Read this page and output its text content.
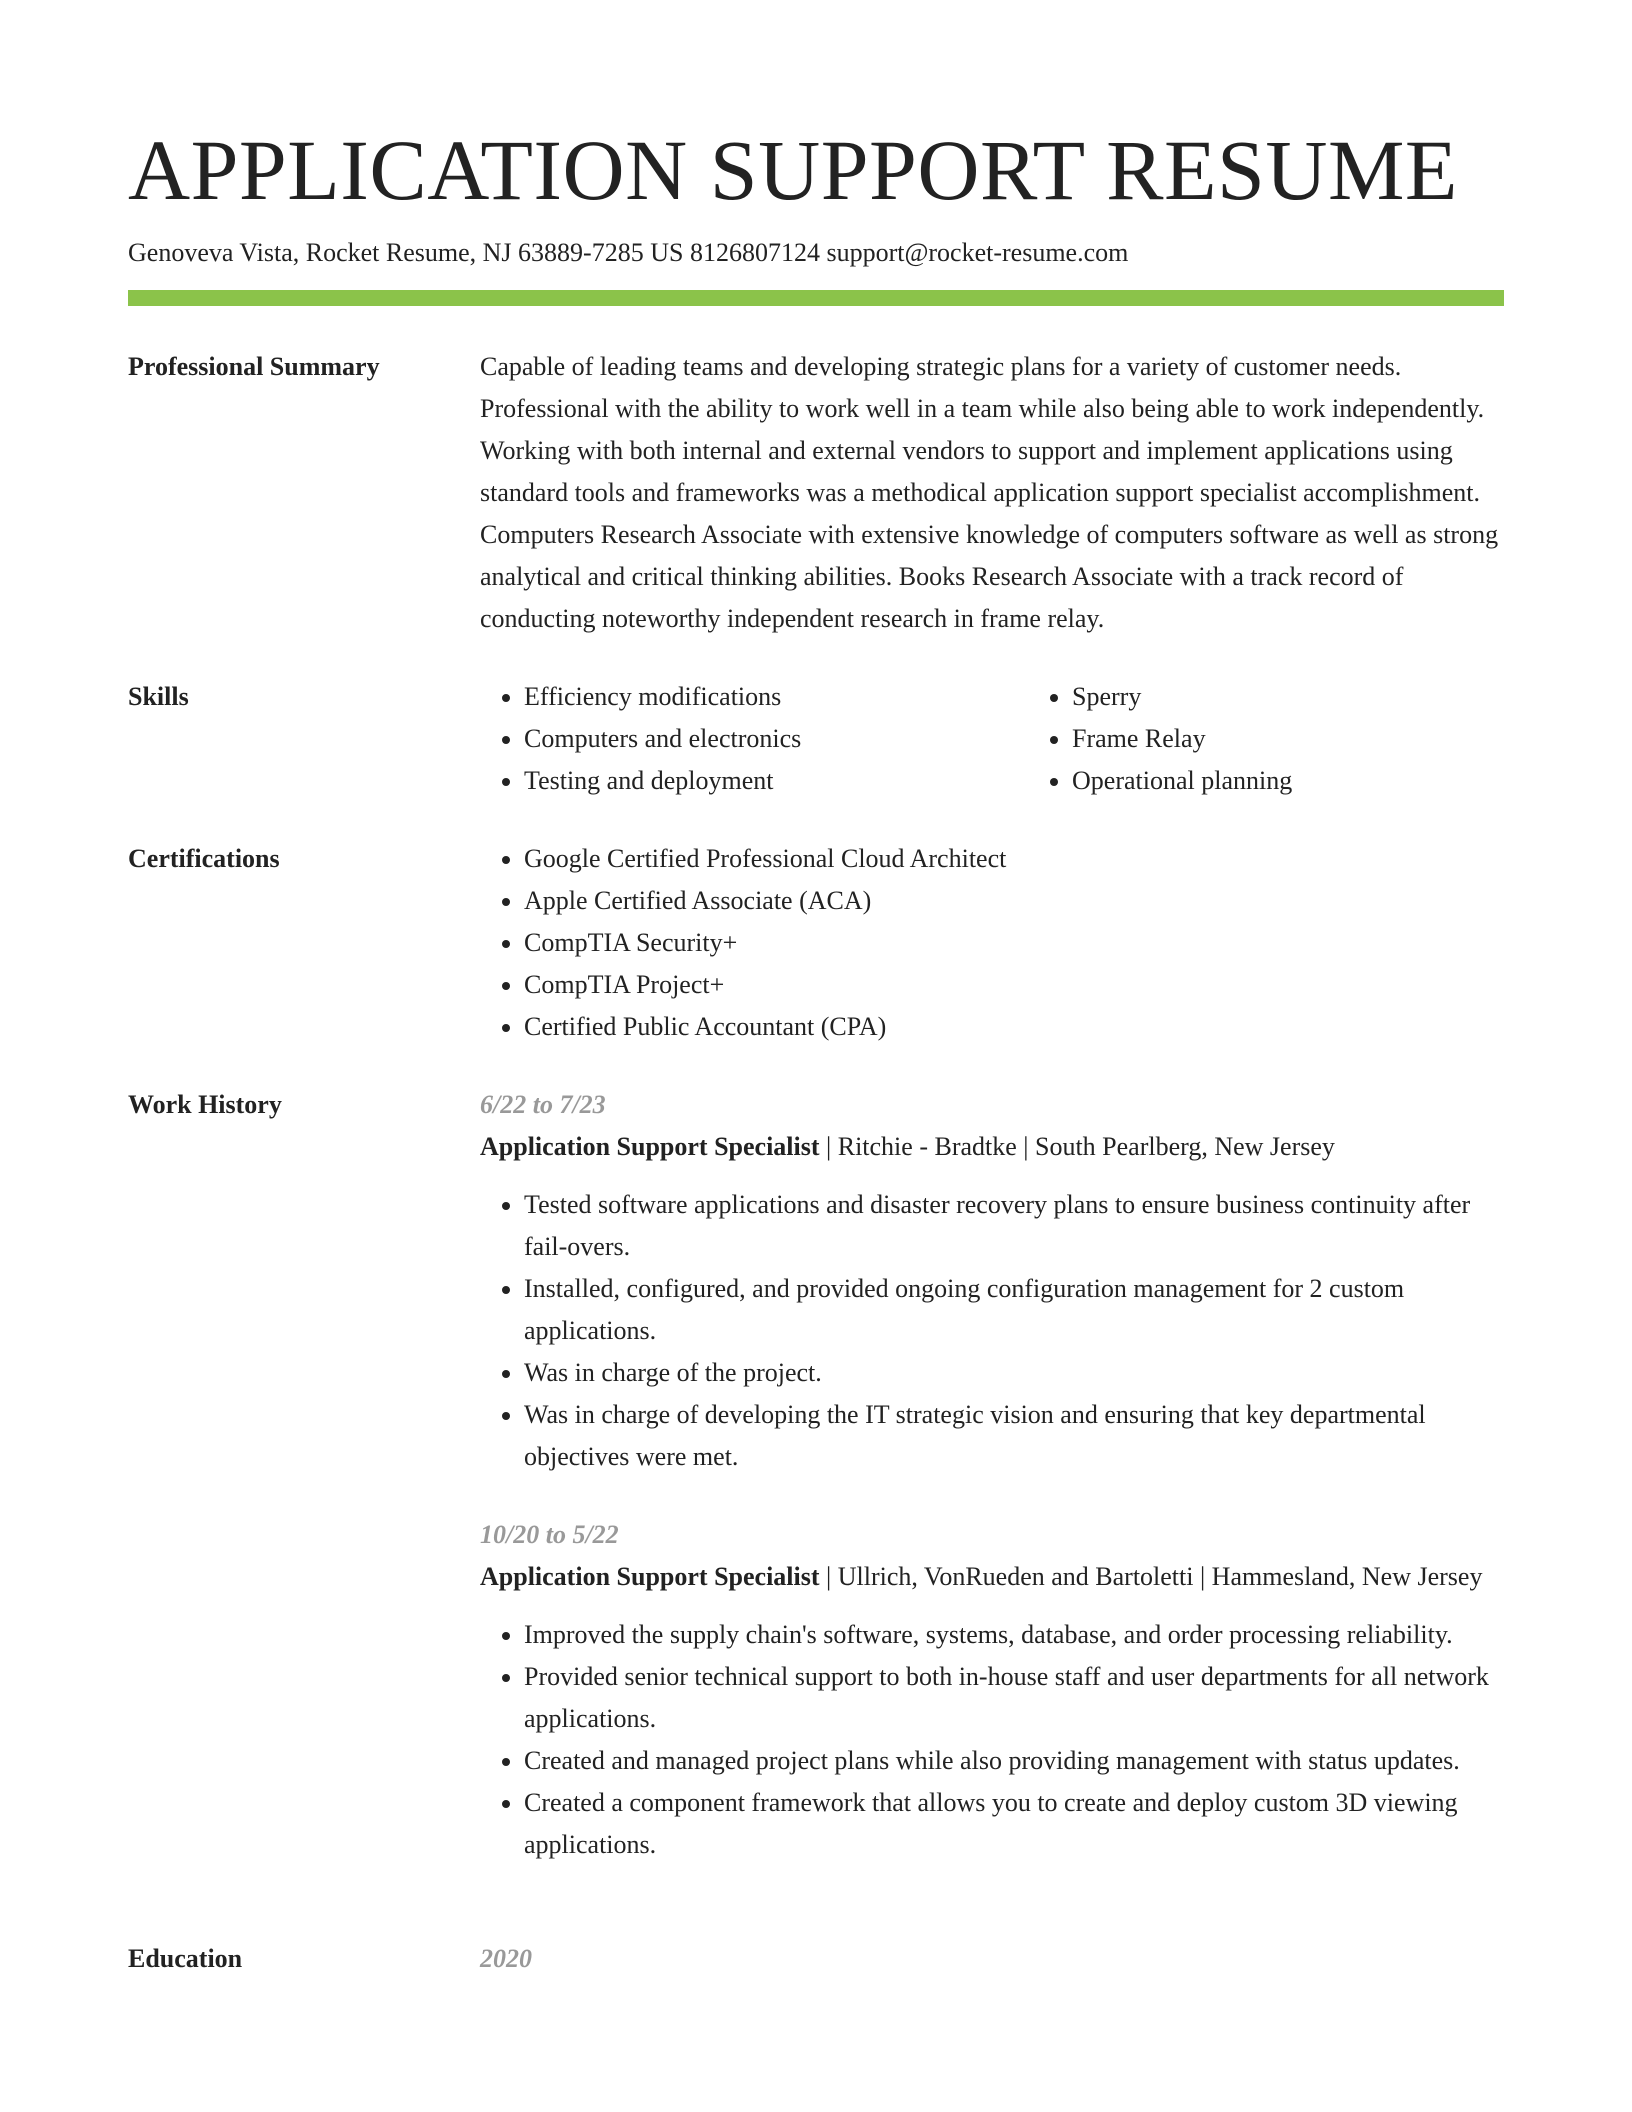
APPLICATION SUPPORT RESUME
Genoveva Vista, Rocket Resume, NJ 63889-7285 US 8126807124 support@rocket-resume.com
Professional Summary	Capable of leading teams and developing strategic plans for a variety of customer needs. Professional with the ability to work well in a team while also being able to work independently. Working with both internal and external vendors to support and implement applications using standard tools and frameworks was a methodical application support specialist accomplishment. Computers Research Associate with extensive knowledge of computers software as well as strong analytical and critical thinking abilities. Books Research Associate with a track record of conducting noteworthy independent research in frame relay.

Skills	• Efficiency modifications
• Computers and electronics
• Testing and deployment
• Sperry
• Frame Relay
• Operational planning
Certifications	• Google Certified Professional Cloud Architect
• Apple Certified Associate (ACA)
• CompTIA Security+
• CompTIA Project+
• Certified Public Accountant (CPA)
Work History	6/22 to 7/23
Application Support Specialist | Ritchie - Bradtke | South Pearlberg, New Jersey
• Tested software applications and disaster recovery plans to ensure business continuity after fail-overs.
• Installed, configured, and provided ongoing configuration management for 2 custom applications.
• Was in charge of the project.
• Was in charge of developing the IT strategic vision and ensuring that key departmental objectives were met.
10/20 to 5/22
Application Support Specialist | Ullrich, VonRueden and Bartoletti | Hammesland, New Jersey
• Improved the supply chain's software, systems, database, and order processing reliability.
• Provided senior technical support to both in-house staff and user departments for all network applications.
• Created and managed project plans while also providing management with status updates.
• Created a component framework that allows you to create and deploy custom 3D viewing applications.
Education	2020
